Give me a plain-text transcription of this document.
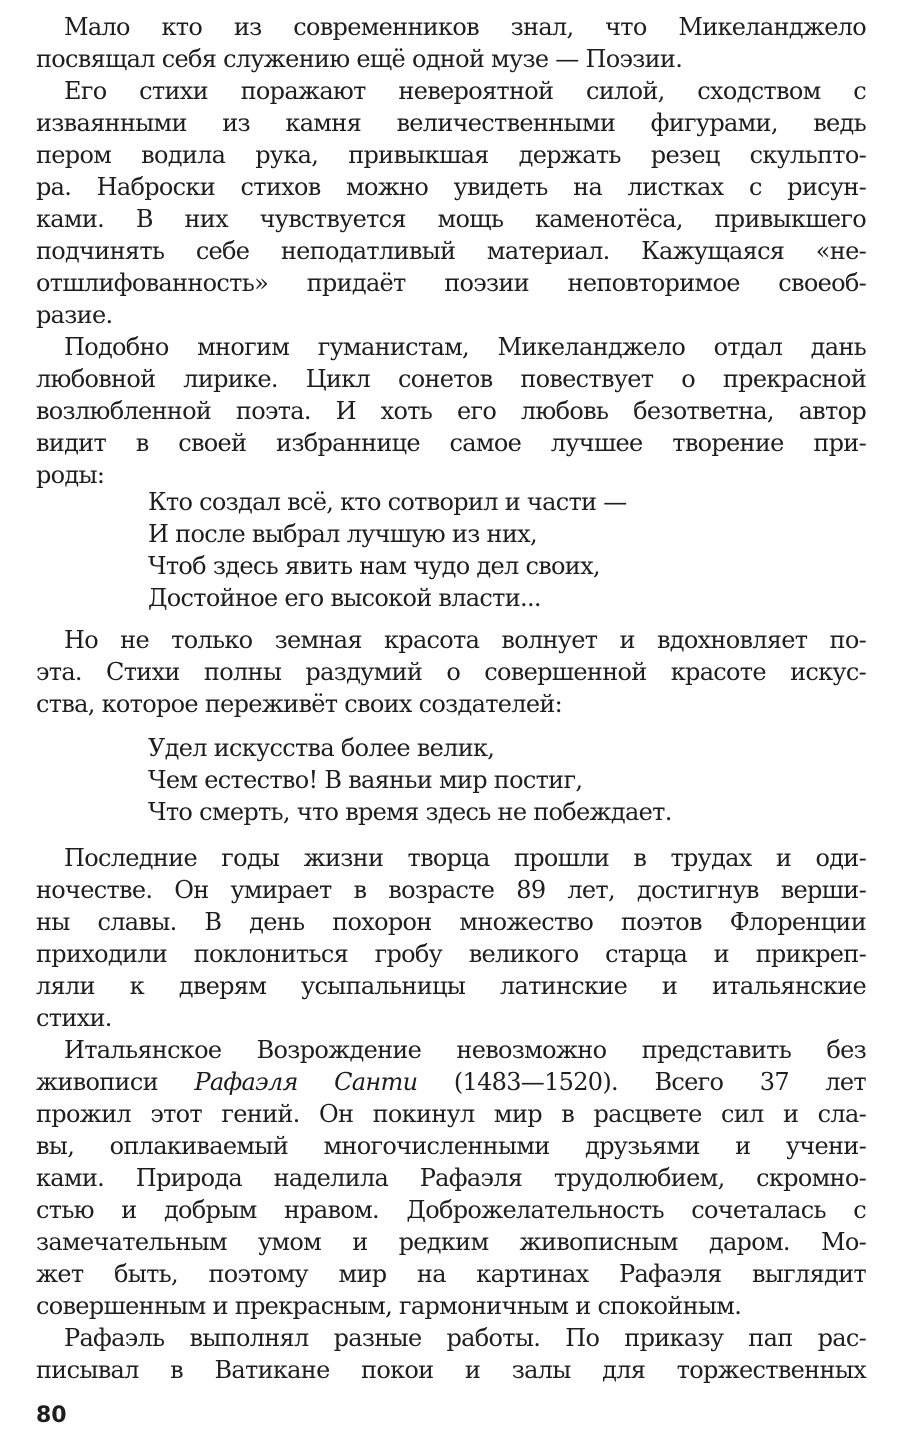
Мало кто из современников знал, что Микеланджело
посвящал себя служению ещё одной музе — Поэзии.
Его стихи поражают невероятной силой, сходством с
изваянными из камня величественными фигурами, ведь
пером водила рука, привыкшая держать резец скульпто-
ра. Наброски стихов можно увидеть на листках с рисун-
ками. В них чувствуется мощь каменотёса, привыкшего
подчинять себе неподатливый материал. Кажущаяся «не-
отшлифованность» придаёт поэзии неповторимое своеоб-
разие.
Подобно многим гуманистам, Микеланджело отдал дань
любовной лирике. Цикл сонетов повествует о прекрасной
возлюбленной поэта. И хоть его любовь безответна, автор
видит в своей избраннице самое лучшее творение при-
роды:
Кто создал всё, кто сотворил и части —
И после выбрал лучшую из них,
Чтоб здесь явить нам чудо дел своих,
Достойное его высокой власти...
Но не только земная красота волнует и вдохновляет по-
эта. Стихи полны раздумий о совершенной красоте искус-
ства, которое переживёт своих создателей:
Удел искусства более велик,
Чем естество! В ваяньи мир постиг,
Что смерть, что время здесь не побеждает.
Последние годы жизни творца прошли в трудах и оди-
ночестве. Он умирает в возрасте 89 лет, достигнув верши-
ны славы. В день похорон множество поэтов Флоренции
приходили поклониться гробу великого старца и прикреп-
ляли к дверям усыпальницы латинские и итальянские
стихи.
Итальянское Возрождение невозможно представить без
живописи Рафаэля Санти (1483—1520). Всего 37 лет
прожил этот гений. Он покинул мир в расцвете сил и сла-
вы, оплакиваемый многочисленными друзьями и учени-
ками. Природа наделила Рафаэля трудолюбием, скромно-
стью и добрым нравом. Доброжелательность сочеталась с
замечательным умом и редким живописным даром. Мо-
жет быть, поэтому мир на картинах Рафаэля выглядит
совершенным и прекрасным, гармоничным и спокойным.
Рафаэль выполнял разные работы. По приказу пап рас-
писывал в Ватикане покои и залы для торжественных
80
